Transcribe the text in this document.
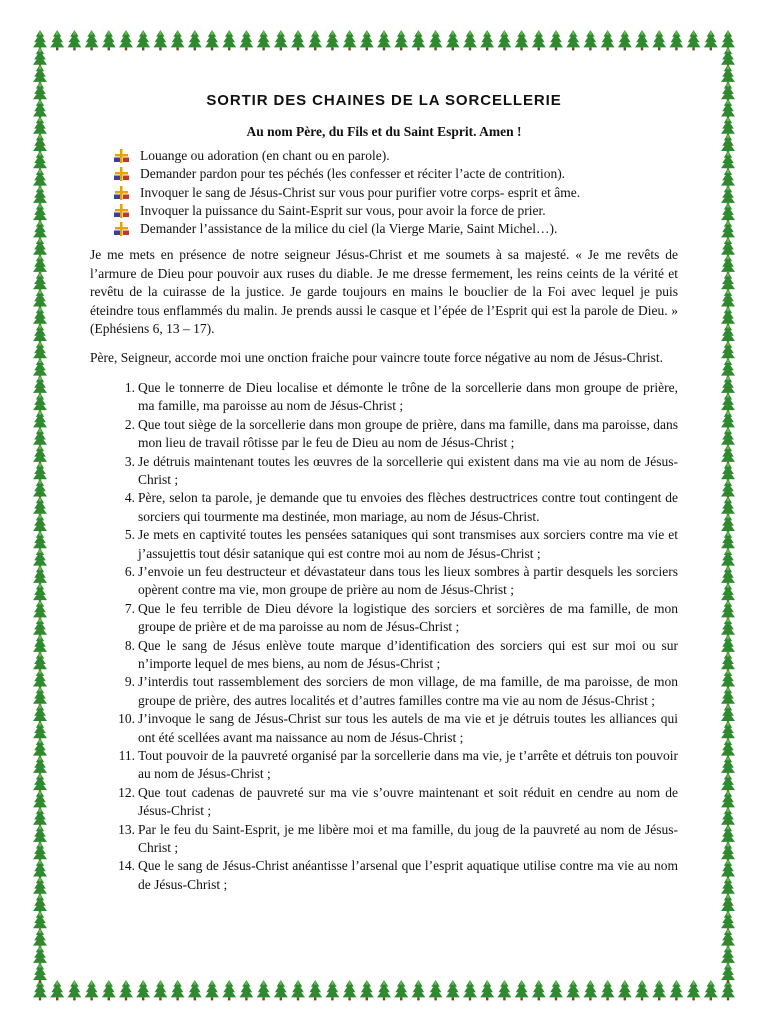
SORTIR DES CHAINES DE LA SORCELLERIE
Au nom Père, du Fils et du Saint Esprit. Amen !
Louange ou adoration (en chant ou en parole).
Demander pardon pour tes péchés (les confesser et réciter l’acte de contrition).
Invoquer le sang de Jésus-Christ sur vous pour purifier votre corps- esprit et âme.
Invoquer la puissance du Saint-Esprit sur vous, pour avoir la force de prier.
Demander l’assistance de la milice du ciel (la Vierge Marie, Saint Michel…).

Je me mets en présence de notre seigneur Jésus-Christ et me soumets à sa majesté. « Je me revêts de l’armure de Dieu pour pouvoir aux ruses du diable. Je me dresse fermement, les reins ceints de la vérité et revêtu de la cuirasse de la justice. Je garde toujours en mains le bouclier de la Foi avec lequel je puis éteindre tous enflammés du malin. Je prends aussi le casque et l’épée de l’Esprit qui est la parole de Dieu. » (Ephésiens 6, 13 – 17).

Père, Seigneur, accorde moi une onction fraiche pour vaincre toute force négative au nom de Jésus-Christ.

1. Que le tonnerre de Dieu localise et démonte le trône de la sorcellerie dans mon groupe de prière, ma famille, ma paroisse au nom de Jésus-Christ ;
2. Que tout siège de la sorcellerie dans mon groupe de prière, dans ma famille, dans ma paroisse, dans mon lieu de travail rôtisse par le feu de Dieu au nom de Jésus-Christ ;
3. Je détruis maintenant toutes les œuvres de la sorcellerie qui existent dans ma vie au nom de Jésus-Christ ;
4. Père, selon ta parole, je demande que tu envoies des flèches destructrices contre tout contingent de sorciers qui tourmente ma destinée, mon mariage, au nom de Jésus-Christ.
5. Je mets en captivité toutes les pensées sataniques qui sont transmises aux sorciers contre ma vie et j’assujettis tout désir satanique qui est contre moi au nom de Jésus-Christ ;
6. J’envoie un feu destructeur et dévastateur dans tous les lieux sombres à partir desquels les sorciers opèrent contre ma vie, mon groupe de prière au nom de Jésus-Christ ;
7. Que le feu terrible de Dieu dévore la logistique des sorciers et sorcières de ma famille, de mon groupe de prière et de ma paroisse au nom de Jésus-Christ ;
8. Que le sang de Jésus enlève toute marque d’identification des sorciers qui est sur moi ou sur n’importe lequel de mes biens, au nom de Jésus-Christ ;
9. J’interdis tout rassemblement des sorciers de mon village, de ma famille, de ma paroisse, de mon groupe de prière, des autres localités et d’autres familles contre ma vie au nom de Jésus-Christ ;
10. J’invoque le sang de Jésus-Christ sur tous les autels de ma vie et je détruis toutes les alliances qui ont été scellées avant ma naissance au nom de Jésus-Christ ;
11. Tout pouvoir de la pauvreté organisé par la sorcellerie dans ma vie, je t’arrête et détruis ton pouvoir au nom de Jésus-Christ ;
12. Que tout cadenas de pauvreté sur ma vie s’ouvre maintenant et soit réduit en cendre au nom de Jésus-Christ ;
13. Par le feu du Saint-Esprit, je me libère moi et ma famille, du joug de la pauvreté au nom de Jésus-Christ ;
14. Que le sang de Jésus-Christ anéantisse l’arsenal que l’esprit aquatique utilise contre ma vie au nom de Jésus-Christ ;
